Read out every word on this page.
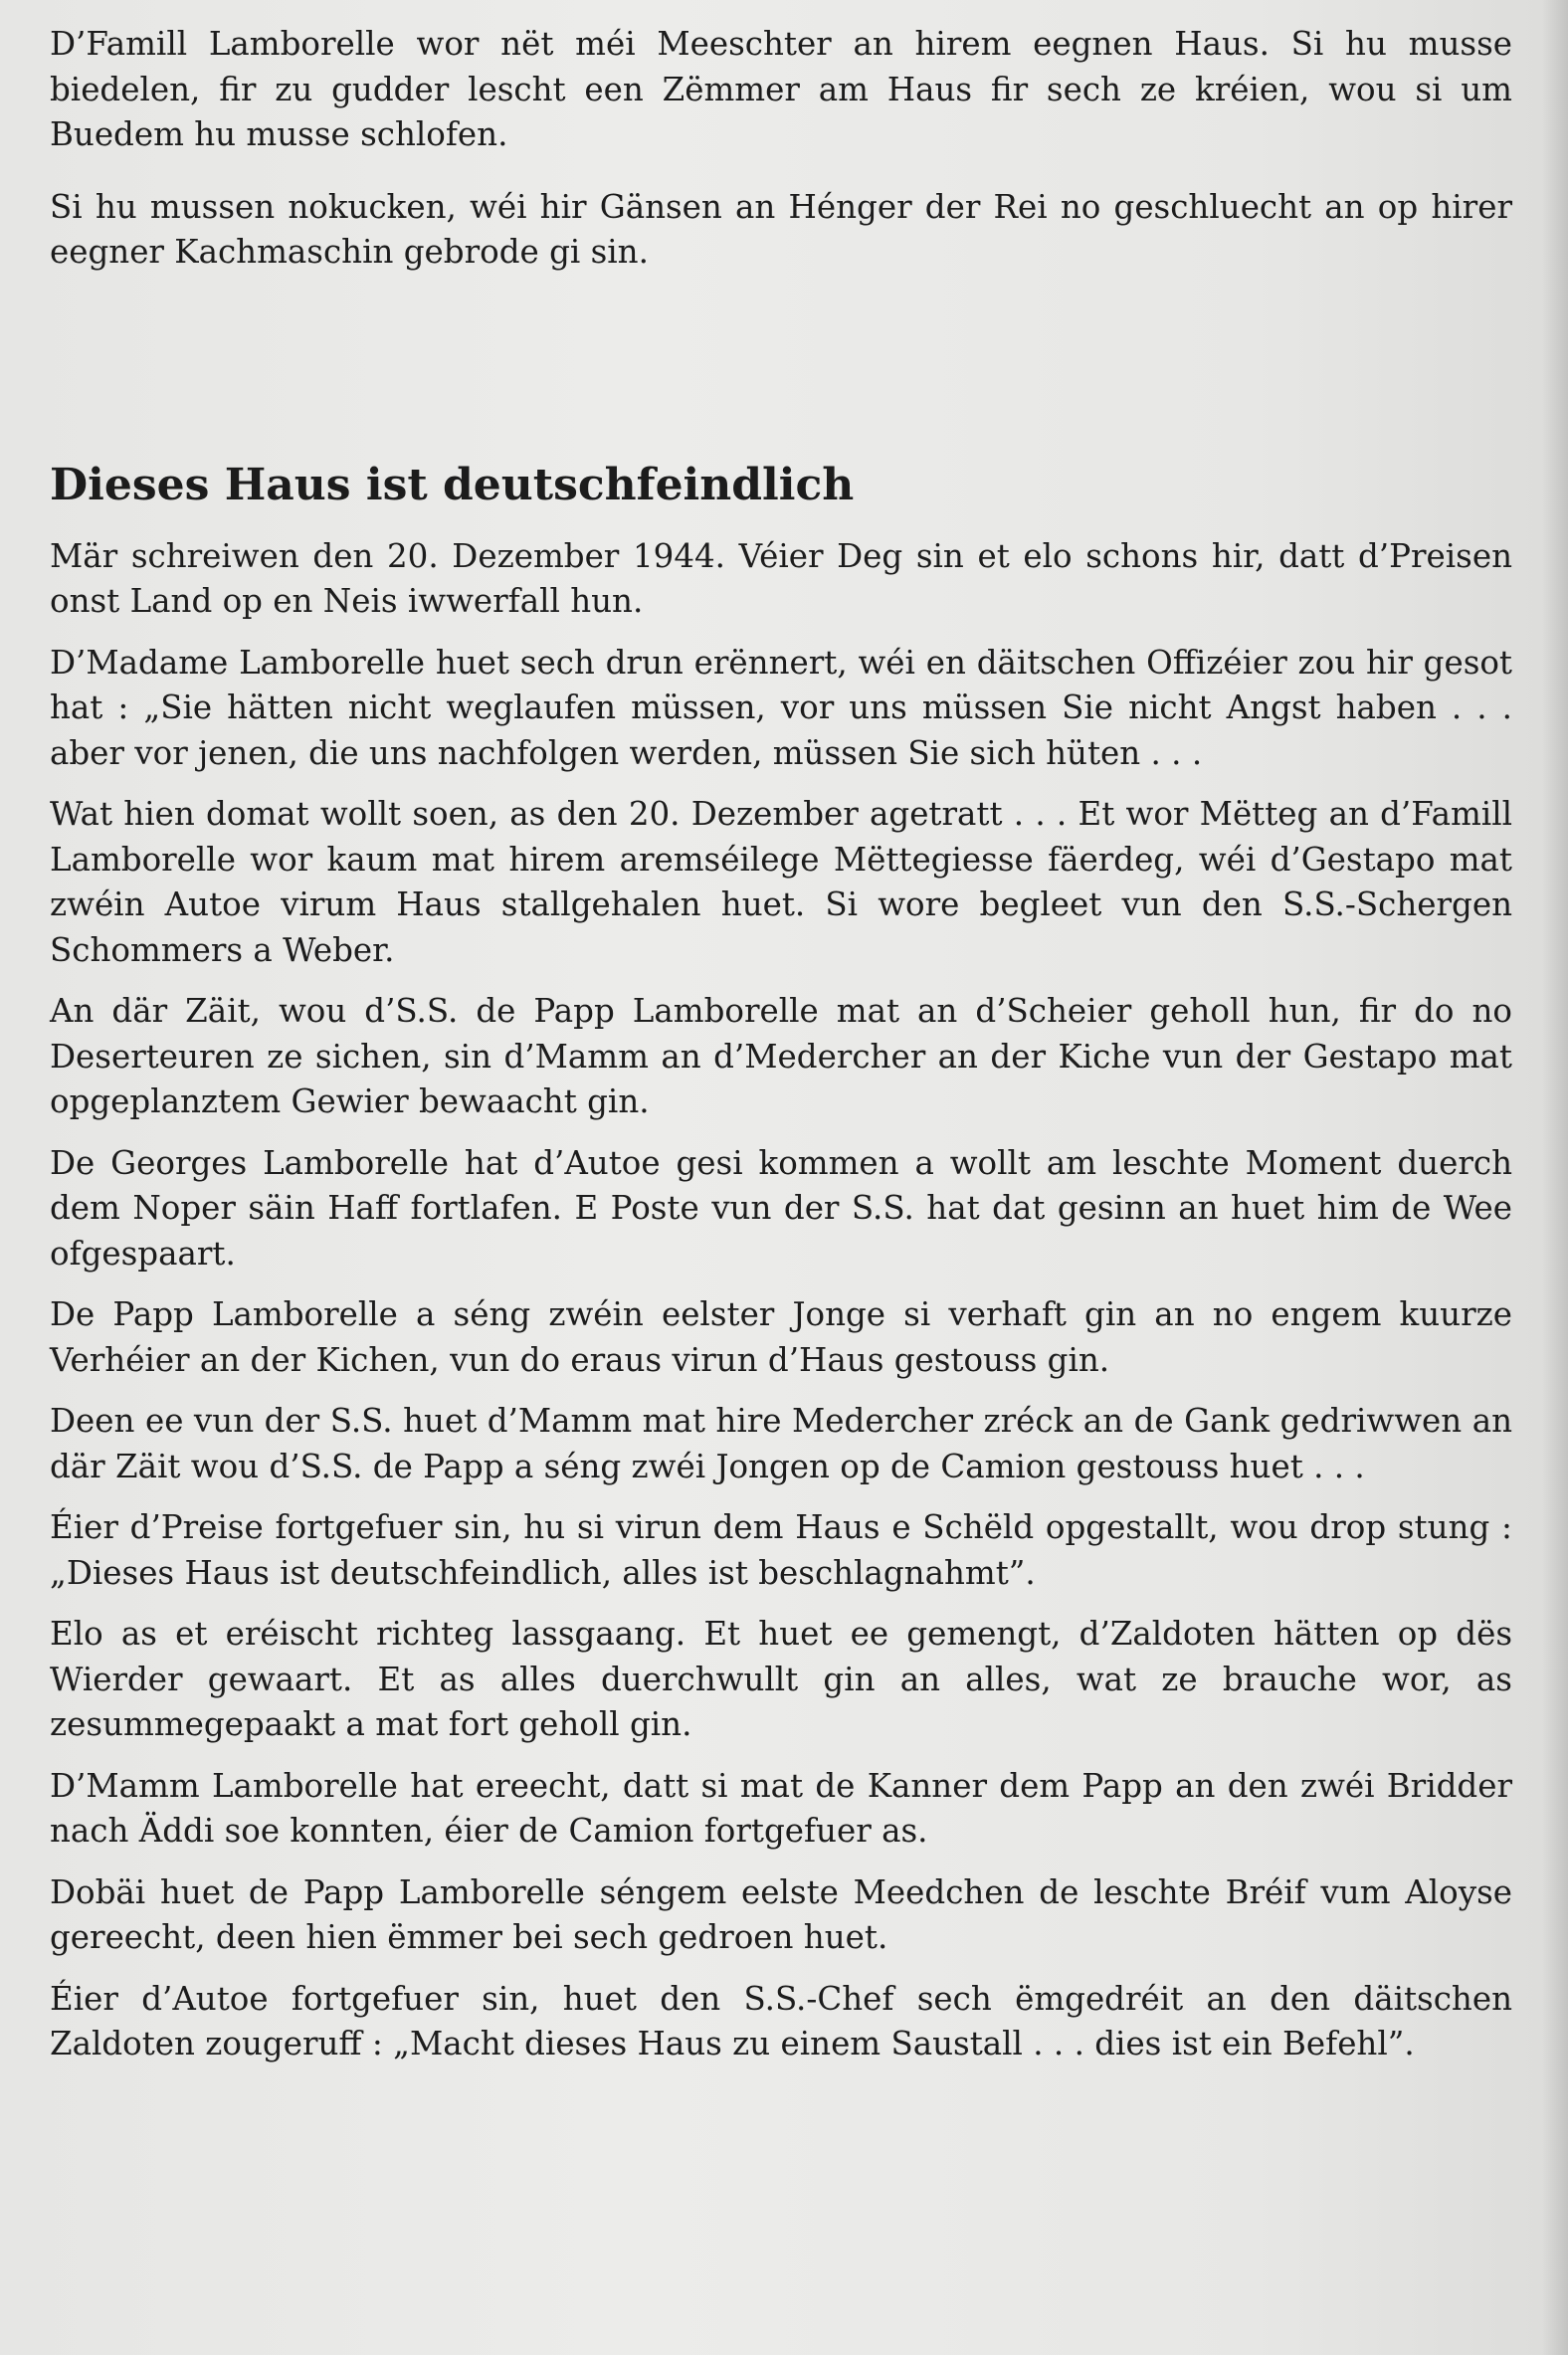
D’Famill Lamborelle wor nët méi Meeschter an hirem eegnen Haus. Si hu musse biedelen, fir zu gudder lescht een Zëmmer am Haus fir sech ze kréien, wou si um Buedem hu musse schlofen.

Si hu mussen nokucken, wéi hir Gänsen an Hénger der Rei no geschluecht an op hirer eegner Kachmaschin gebrode gi sin.

Dieses Haus ist deutschfeindlich

Mär schreiwen den 20. Dezember 1944. Véier Deg sin et elo schons hir, datt d’Preisen onst Land op en Neis iwwerfall hun.

D’Madame Lamborelle huet sech drun erënnert, wéi en däitschen Offizéier zou hir gesot hat : „Sie hätten nicht weglaufen müssen, vor uns müssen Sie nicht Angst haben . . . aber vor jenen, die uns nachfolgen werden, müssen Sie sich hüten . . .

Wat hien domat wollt soen, as den 20. Dezember agetratt . . . Et wor Mëtteg an d’Famill Lamborelle wor kaum mat hirem aremséilege Mëttegiesse fäerdeg, wéi d’Gestapo mat zwéin Autoe virum Haus stallgehalen huet. Si wore begleet vun den S.S.-Schergen Schommers a Weber.

An där Zäit, wou d’S.S. de Papp Lamborelle mat an d’Scheier geholl hun, fir do no Deserteuren ze sichen, sin d’Mamm an d’Medercher an der Kiche vun der Gestapo mat opgeplanztem Gewier bewaacht gin.

De Georges Lamborelle hat d’Autoe gesi kommen a wollt am leschte Moment duerch dem Noper säin Haff fortlafen. E Poste vun der S.S. hat dat gesinn an huet him de Wee ofgespaart.

De Papp Lamborelle a séng zwéin eelster Jonge si verhaft gin an no engem kuurze Verhéier an der Kichen, vun do eraus virun d’Haus gestouss gin.

Deen ee vun der S.S. huet d’Mamm mat hire Medercher zréck an de Gank gedriwwen an där Zäit wou d’S.S. de Papp a séng zwéi Jongen op de Camion gestouss huet . . .

Éier d’Preise fortgefuer sin, hu si virun dem Haus e Schëld opgestallt, wou drop stung : „Dieses Haus ist deutschfeindlich, alles ist beschlagnahmt”.

Elo as et eréischt richteg lassgaang. Et huet ee gemengt, d’Zaldoten hätten op dës Wierder gewaart. Et as alles duerchwullt gin an alles, wat ze brauche wor, as zesummegepaakt a mat fort geholl gin.

D’Mamm Lamborelle hat ereecht, datt si mat de Kanner dem Papp an den zwéi Bridder nach Äddi soe konnten, éier de Camion fortgefuer as.

Dobäi huet de Papp Lamborelle séngem eelste Meedchen de leschte Bréif vum Aloyse gereecht, deen hien ëmmer bei sech gedroen huet.

Éier d’Autoe fortgefuer sin, huet den S.S.-Chef sech ëmgedréit an den däitschen Zaldoten zougeruff : „Macht dieses Haus zu einem Saustall . . . dies ist ein Befehl”.
